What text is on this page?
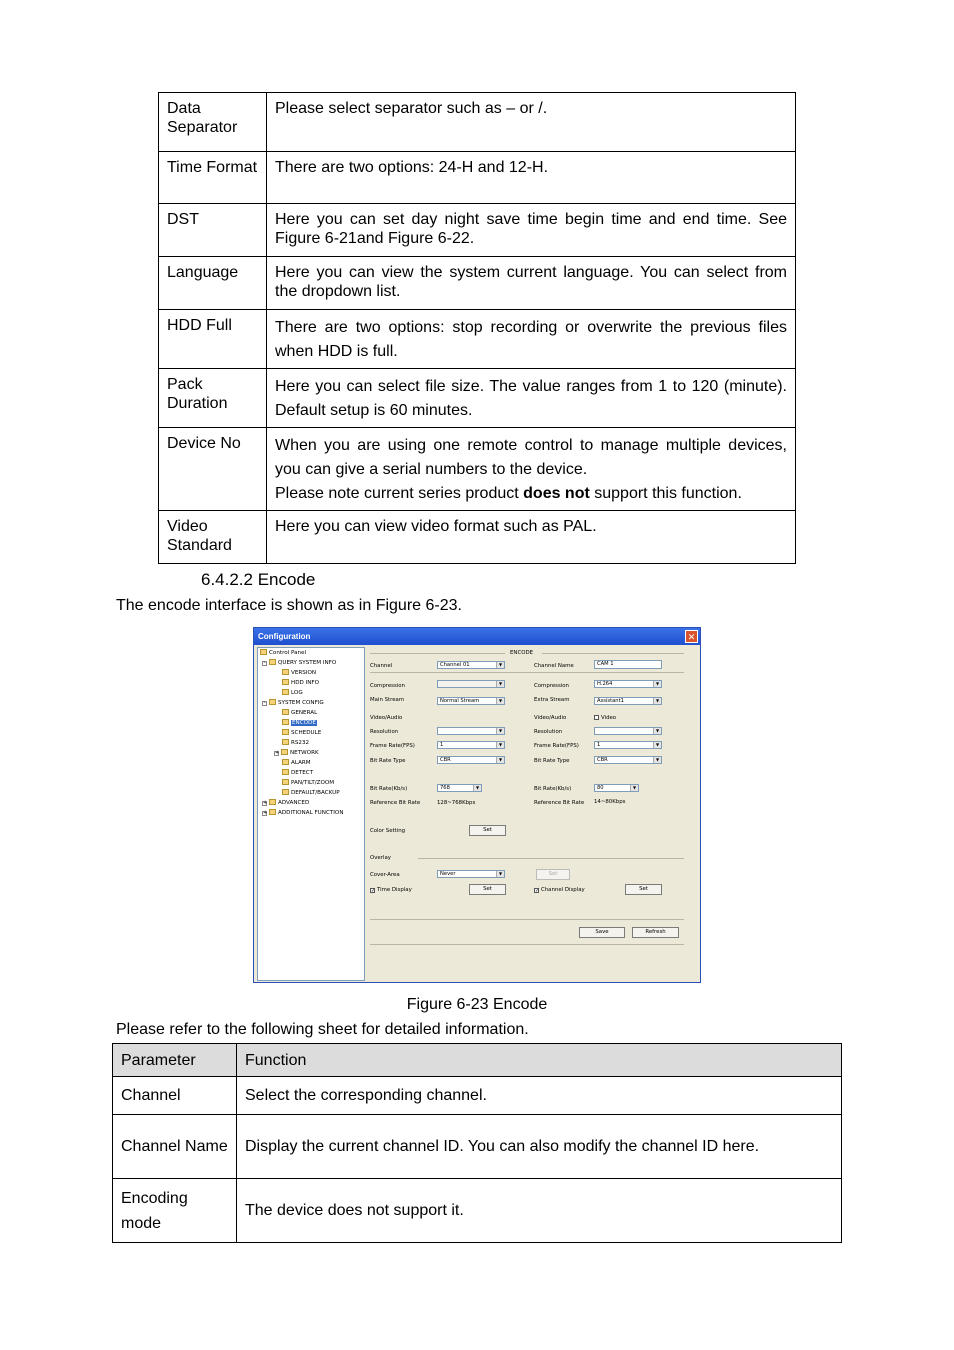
Data Separator	Please select separator such as – or /.
Time Format	There are two options: 24-H and 12-H.
DST	Here you can set day night save time begin time and end time. See Figure 6-21and Figure 6-22.
Language	Here you can view the system current language. You can select from the dropdown list.
HDD Full	There are two options: stop recording or overwrite the previous files when HDD is full.

Pack Duration	Here you can select file size. The value ranges from 1 to 120 (minute). Default setup is 60 minutes.

Device No	When you are using one remote control to manage multiple devices, you can give a serial numbers to the device.
Please note current series product does not support this function.

Video Standard	Here you can view video format such as PAL.
6.4.2.2 Encode
The encode interface is shown as in Figure 6-23.
Configuration	✕
Control Panel
- QUERY SYSTEM INFO
VERSION
HDD INFO
LOG
- SYSTEM CONFIG
GENERAL
ENCODE
SCHEDULE
RS232
+ NETWORK
ALARM
DETECT
PAN/TILT/ZOOM
DEFAULT/BACKUP
+ ADVANCED
+ ADDITIONAL FUNCTION
ENCODE
Channel	Channel 01	▼	Channel Name	CAM 1
Compression	▼	Compression	H.264	▼
Main Stream	Normal Stream	▼	Extra Stream	Assistant1	▼
Video/Audio	Video/Audio	Video
Resolution	▼	Resolution	▼
Frame Rate(FPS)	1	▼	Frame Rate(FPS)	1	▼
Bit Rate Type	CBR	▼	Bit Rate Type	CBR	▼
Bit Rate(Kb/s)	768	▼	Bit Rate(Kb/s)	80	▼
Reference Bit Rate	128~768Kbps	Reference Bit Rate 14~80Kbps
Color Setting	Set
Overlay
Cover-Area	Never	▼	Set
✓ Time Display	Set	✓ Channel Display	Set
Save	Refresh
Figure 6-23 Encode
Please refer to the following sheet for detailed information.
Parameter	Function
Channel	Select the corresponding channel.
Channel Name	Display the current channel ID. You can also modify the channel ID here.
Encoding mode	The device does not support it.
